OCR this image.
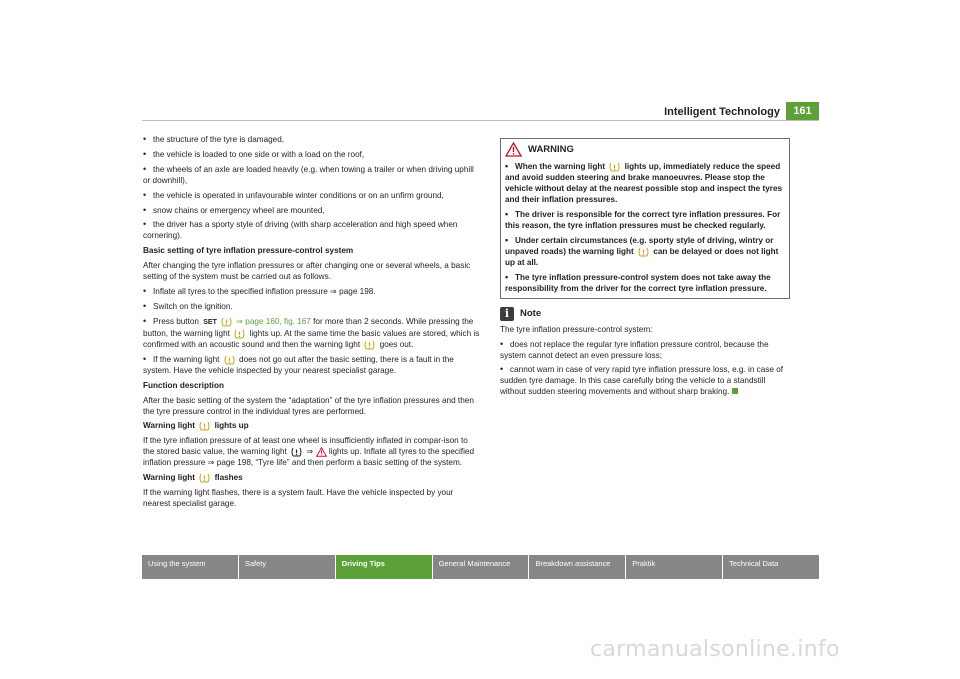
Intelligent Technology	161
• the structure of the tyre is damaged,
• the vehicle is loaded to one side or with a load on the roof,
• the wheels of an axle are loaded heavily (e.g. when towing a trailer or when driving uphill or downhill),
• the vehicle is operated in unfavourable winter conditions or on an unfirm ground,
• snow chains or emergency wheel are mounted,
• the driver has a sporty style of driving (with sharp acceleration and high speed when cornering).
Basic setting of tyre inflation pressure-control system
After changing the tyre inflation pressures or after changing one or several wheels, a basic setting of the system must be carried out as follows.
• Inflate all tyres to the specified inflation pressure ⇒ page 198.
• Switch on the ignition.
• Press button SET ⇒ page 160, fig. 167 for more than 2 seconds. While pressing the button, the warning light lights up. At the same time the basic values are stored, which is confirmed with an acoustic sound and then the warning light goes out.
• If the warning light does not go out after the basic setting, there is a fault in the system. Have the vehicle inspected by your nearest specialist garage.
Function description
After the basic setting of the system the “adaptation” of the tyre inflation pressures and then the tyre pressure control in the individual tyres are performed.
Warning light lights up
If the tyre inflation pressure of at least one wheel is insufficiently inflated in compar-ison to the stored basic value, the warning light ⇒ lights up. Inflate all tyres to the specified inflation pressure ⇒ page 198, “Tyre life” and then perform a basic setting of the system.
Warning light flashes
If the warning light flashes, there is a system fault. Have the vehicle inspected by your nearest specialist garage.
WARNING
• When the warning light lights up, immediately reduce the speed and avoid sudden steering and brake manoeuvres. Please stop the vehicle without delay at the nearest possible stop and inspect the tyres and their inflation pressures.
• The driver is responsible for the correct tyre inflation pressures. For this reason, the tyre inflation pressures must be checked regularly.
• Under certain circumstances (e.g. sporty style of driving, wintry or unpaved roads) the warning light can be delayed or does not light up at all.
• The tyre inflation pressure-control system does not take away the responsibility from the driver for the correct tyre inflation pressure.
i	Note
The tyre inflation pressure-control system:
• does not replace the regular tyre inflation pressure control, because the system cannot detect an even pressure loss;
• cannot warn in case of very rapid tyre inflation pressure loss, e.g. in case of sudden tyre damage. In this case carefully bring the vehicle to a standstill without sudden steering movements and without sharp braking.
Using the system	Safety	Driving Tips	General Maintenance	Breakdown assistance	Praktik	Technical Data
carmanualsonline.info
